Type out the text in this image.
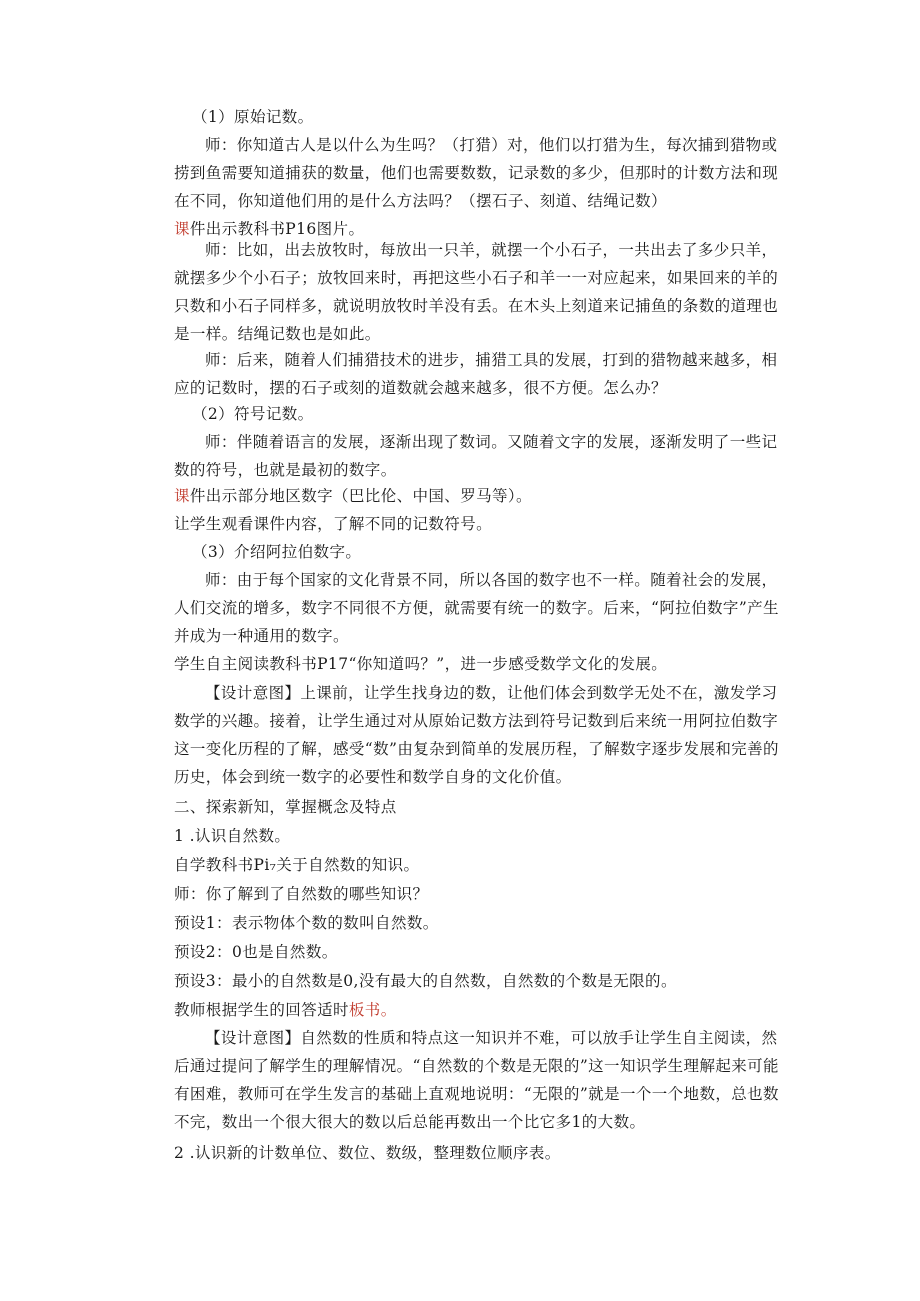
（1）原始记数。

师：你知道古人是以什么为生吗？（打猎）对，他们以打猎为生，每次捕到猎物或捞到鱼需要知道捕获的数量，他们也需要数数，记录数的多少，但那时的计数方法和现在不同，你知道他们用的是什么方法吗？（摆石子、刻道、结绳记数）

课件出示教科书P16图片。

师：比如，出去放牧时，每放出一只羊，就摆一个小石子，一共出去了多少只羊，就摆多少个小石子；放牧回来时，再把这些小石子和羊一一对应起来，如果回来的羊的只数和小石子同样多，就说明放牧时羊没有丢。在木头上刻道来记捕鱼的条数的道理也是一样。结绳记数也是如此。

师：后来，随着人们捕猎技术的进步，捕猎工具的发展，打到的猎物越来越多，相应的记数时，摆的石子或刻的道数就会越来越多，很不方便。怎么办？

（2）符号记数。

师：伴随着语言的发展，逐渐出现了数词。又随着文字的发展，逐渐发明了一些记数的符号，也就是最初的数字。

课件出示部分地区数字（巴比伦、中国、罗马等）。

让学生观看课件内容，了解不同的记数符号。

（3）介绍阿拉伯数字。

师：由于每个国家的文化背景不同，所以各国的数字也不一样。随着社会的发展，人们交流的增多，数字不同很不方便，就需要有统一的数字。后来，“阿拉伯数字”产生并成为一种通用的数字。

学生自主阅读教科书P17“你知道吗？”，进一步感受数学文化的发展。

【设计意图】上课前，让学生找身边的数，让他们体会到数学无处不在，激发学习数学的兴趣。接着，让学生通过对从原始记数方法到符号记数到后来统一用阿拉伯数字这一变化历程的了解，感受“数”由复杂到简单的发展历程，了解数字逐步发展和完善的历史，体会到统一数字的必要性和数学自身的文化价值。

二、探索新知，掌握概念及特点

1 .认识自然数。

自学教科书Pi₇关于自然数的知识。

师：你了解到了自然数的哪些知识？

预设1：表示物体个数的数叫自然数。

预设2：0也是自然数。

预设3：最小的自然数是0,没有最大的自然数，自然数的个数是无限的。

教师根据学生的回答适时板书。

【设计意图】自然数的性质和特点这一知识并不难，可以放手让学生自主阅读，然后通过提问了解学生的理解情况。“自然数的个数是无限的”这一知识学生理解起来可能有困难，教师可在学生发言的基础上直观地说明：“无限的”就是一个一个地数，总也数不完，数出一个很大很大的数以后总能再数出一个比它多1的大数。

2 .认识新的计数单位、数位、数级，整理数位顺序表。
